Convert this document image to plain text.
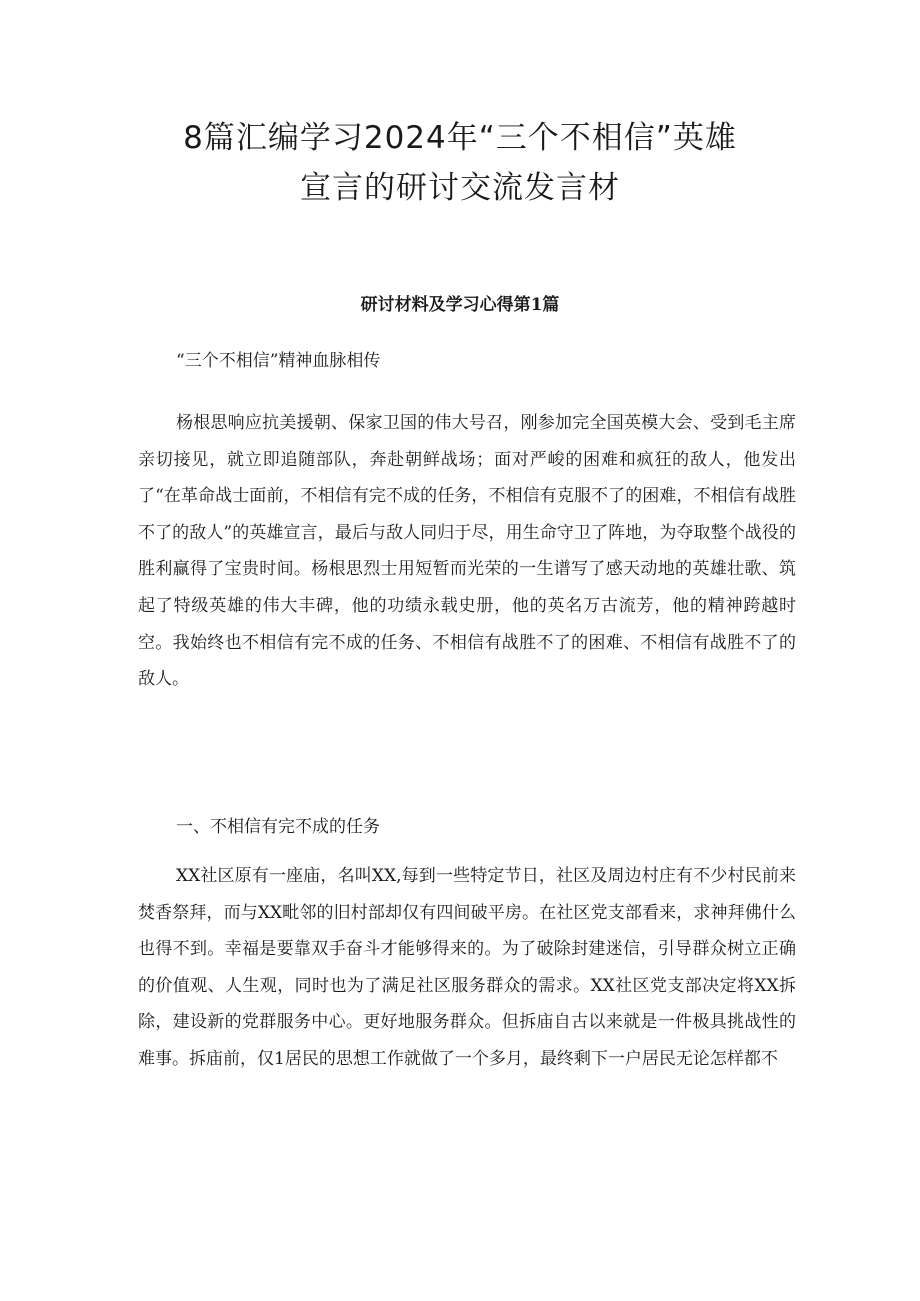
8篇汇编学习2024年“三个不相信”英雄
宣言的研讨交流发言材
研讨材料及学习心得第1篇

“三个不相信”精神血脉相传

杨根思响应抗美援朝、保家卫国的伟大号召，刚参加完全国英模大会、受到毛主席亲切接见，就立即追随部队，奔赴朝鲜战场；面对严峻的困难和疯狂的敌人，他发出了“在革命战士面前，不相信有完不成的任务，不相信有克服不了的困难，不相信有战胜不了的敌人”的英雄宣言，最后与敌人同归于尽，用生命守卫了阵地，为夺取整个战役的胜利赢得了宝贵时间。杨根思烈士用短暂而光荣的一生谱写了感天动地的英雄壮歌、筑起了特级英雄的伟大丰碑，他的功绩永载史册，他的英名万古流芳，他的精神跨越时空。我始终也不相信有完不成的任务、不相信有战胜不了的困难、不相信有战胜不了的敌人。

一、不相信有完不成的任务

XX社区原有一座庙，名叫XX,每到一些特定节日，社区及周边村庄有不少村民前来焚香祭拜，而与XX毗邻的旧村部却仅有四间破平房。在社区党支部看来，求神拜佛什么也得不到。幸福是要靠双手奋斗才能够得来的。为了破除封建迷信，引导群众树立正确的价值观、人生观，同时也为了满足社区服务群众的需求。XX社区党支部决定将XX拆除，建设新的党群服务中心。更好地服务群众。但拆庙自古以来就是一件极具挑战性的难事。拆庙前，仅1居民的思想工作就做了一个多月，最终剩下一户居民无论怎样都不
